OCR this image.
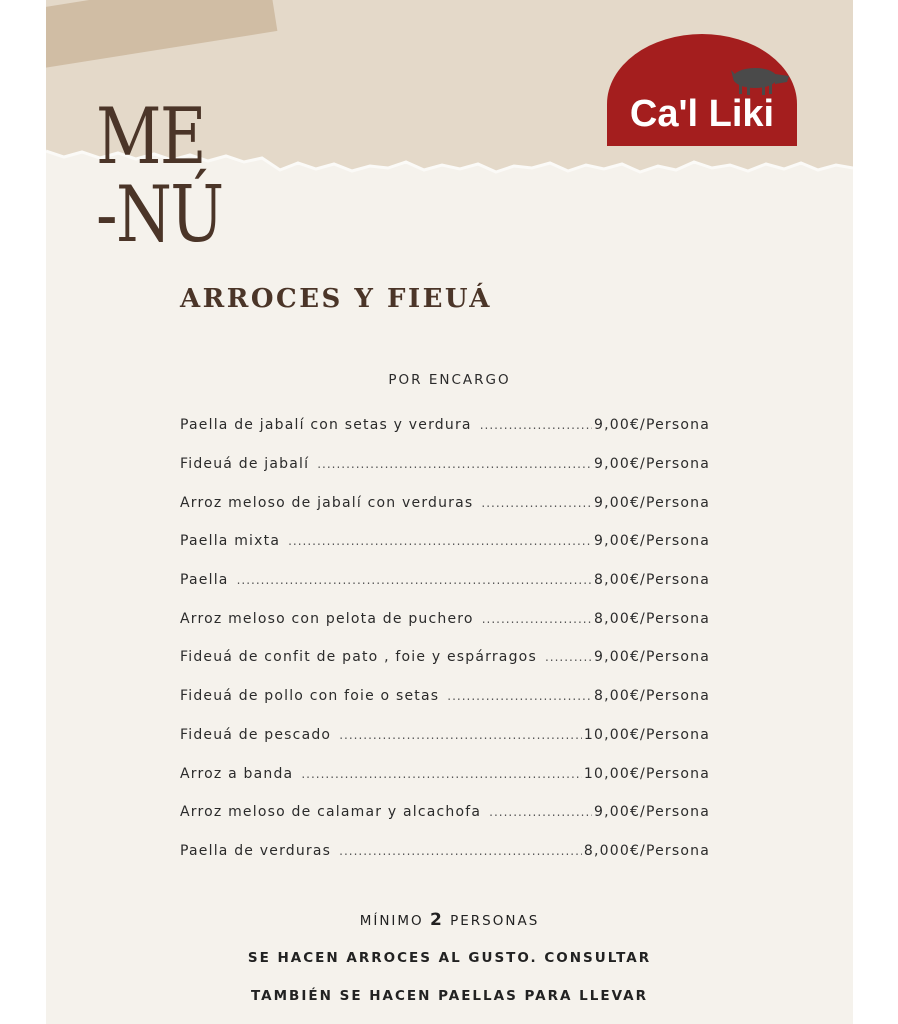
ME
-NÚ
Ca'l Liki
ARROCES Y FIEUÁ
POR ENCARGO
Paella de jabalí con setas y verdura .....	9,00€/Persona
Fideuá de jabalí .....	9,00€/Persona
Arroz meloso de jabalí con verduras .....	9,00€/Persona
Paella mixta .....	9,00€/Persona
Paella .....	8,00€/Persona
Arroz meloso con pelota de puchero .....	8,00€/Persona
Fideuá de confit de pato , foie y espárragos .....	9,00€/Persona
Fideuá de pollo con foie o setas .....	8,00€/Persona
Fideuá de pescado .....	10,00€/Persona
Arroz a banda .....	10,00€/Persona
Arroz meloso de calamar y alcachofa .....	9,00€/Persona
Paella de verduras .....	8,000€/Persona
MÍNIMO 2 PERSONAS
SE HACEN ARROCES AL GUSTO. CONSULTAR
TAMBIÉN SE HACEN PAELLAS PARA LLEVAR
